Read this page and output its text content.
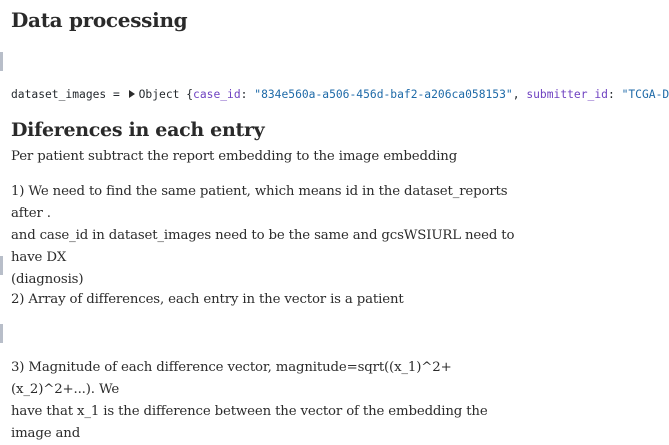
Data processing
dataset_images = Object {case_id: "834e560a-a506-456d-baf2-a206ca058153", submitter_id: "TCGA-D
Diferences in each entry

Per patient subtract the report embedding to the image embedding

1) We need to find the same patient, which means id in the dataset_reports after .
and case_id in dataset_images need to be the same and gcsWSIURL need to have DX
(diagnosis)

2) Array of differences, each entry in the vector is a patient

3) Magnitude of each difference vector, magnitude=sqrt((x_1)^2+(x_2)^2+...). We
have that x_1 is the difference between the vector of the embedding the image and
